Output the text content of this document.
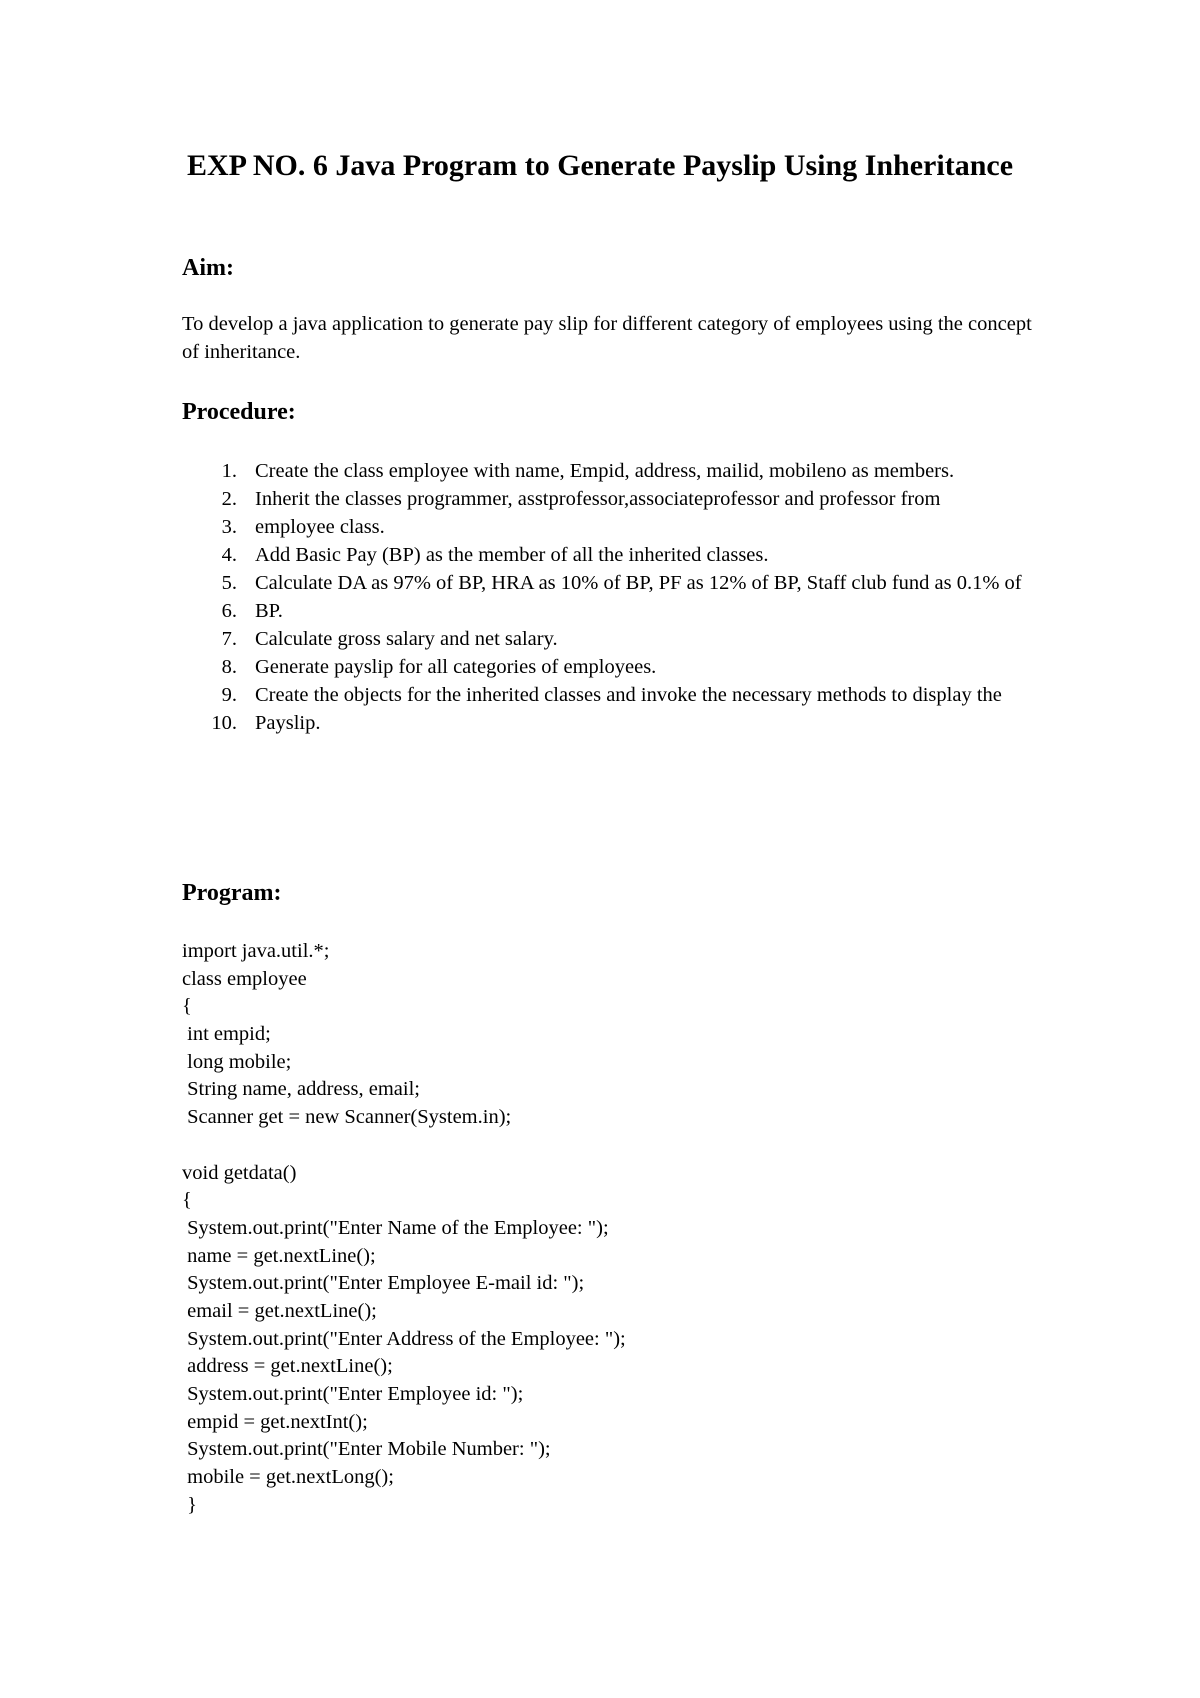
EXP NO. 6 Java Program to Generate Payslip Using Inheritance
Aim:
To develop a java application to generate pay slip for different category of employees using the concept of inheritance.
Procedure:
1. Create the class employee with name, Empid, address, mailid, mobileno as members.
2. Inherit the classes programmer, asstprofessor,associateprofessor and professor from
3. employee class.
4. Add Basic Pay (BP) as the member of all the inherited classes.
5. Calculate DA as 97% of BP, HRA as 10% of BP, PF as 12% of BP, Staff club fund as 0.1% of
6. BP.
7. Calculate gross salary and net salary.
8. Generate payslip for all categories of employees.
9. Create the objects for the inherited classes and invoke the necessary methods to display the
10. Payslip.
Program:
import java.util.*;
class employee
{
int empid;
long mobile;
String name, address, email;
Scanner get = new Scanner(System.in);
void getdata()
{
System.out.print("Enter Name of the Employee: ");
name = get.nextLine();
System.out.print("Enter Employee E-mail id: ");
email = get.nextLine();
System.out.print("Enter Address of the Employee: ");
address = get.nextLine();
System.out.print("Enter Employee id: ");
empid = get.nextInt();
System.out.print("Enter Mobile Number: ");
mobile = get.nextLong();
}
